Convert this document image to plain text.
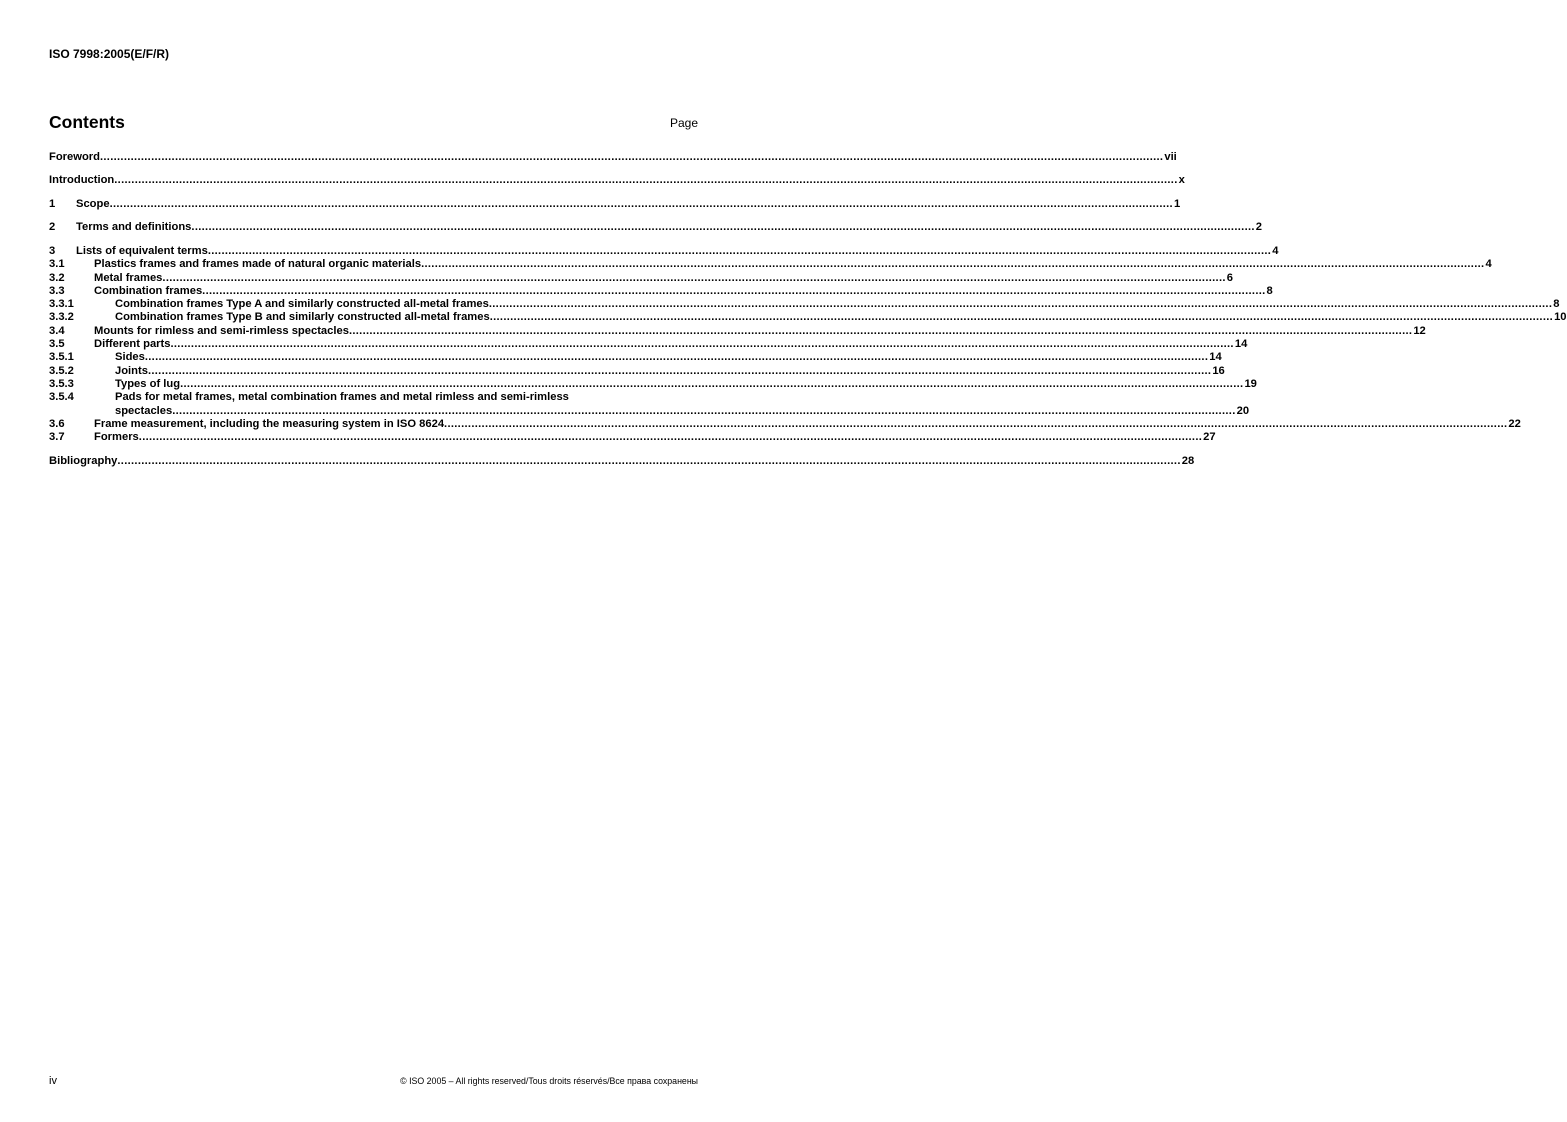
ISO 7998:2005(E/F/R)
Contents	Page
Foreword .....	vii
Introduction .....	x
1	Scope .....	1
2	Terms and definitions .....	2
3	Lists of equivalent terms .....	4
3.1	Plastics frames and frames made of natural organic materials .....	4
3.2	Metal frames .....	6
3.3	Combination frames .....	8
3.3.1	Combination frames Type A and similarly constructed all-metal frames .....	8
3.3.2	Combination frames Type B and similarly constructed all-metal frames .....	10
3.4	Mounts for rimless and semi-rimless spectacles .....	12
3.5	Different parts .....	14
3.5.1	Sides .....	14
3.5.2	Joints .....	16
3.5.3	Types of lug .....	19
3.5.4	Pads for metal frames, metal combination frames and metal rimless and semi-rimless
spectacles .....	20
3.6	Frame measurement, including the measuring system in ISO 8624 .....	22
3.7	Formers .....	27
Bibliography .....	28
iv	© ISO 2005 – All rights reserved/Tous droits réservés/Все права сохранены
